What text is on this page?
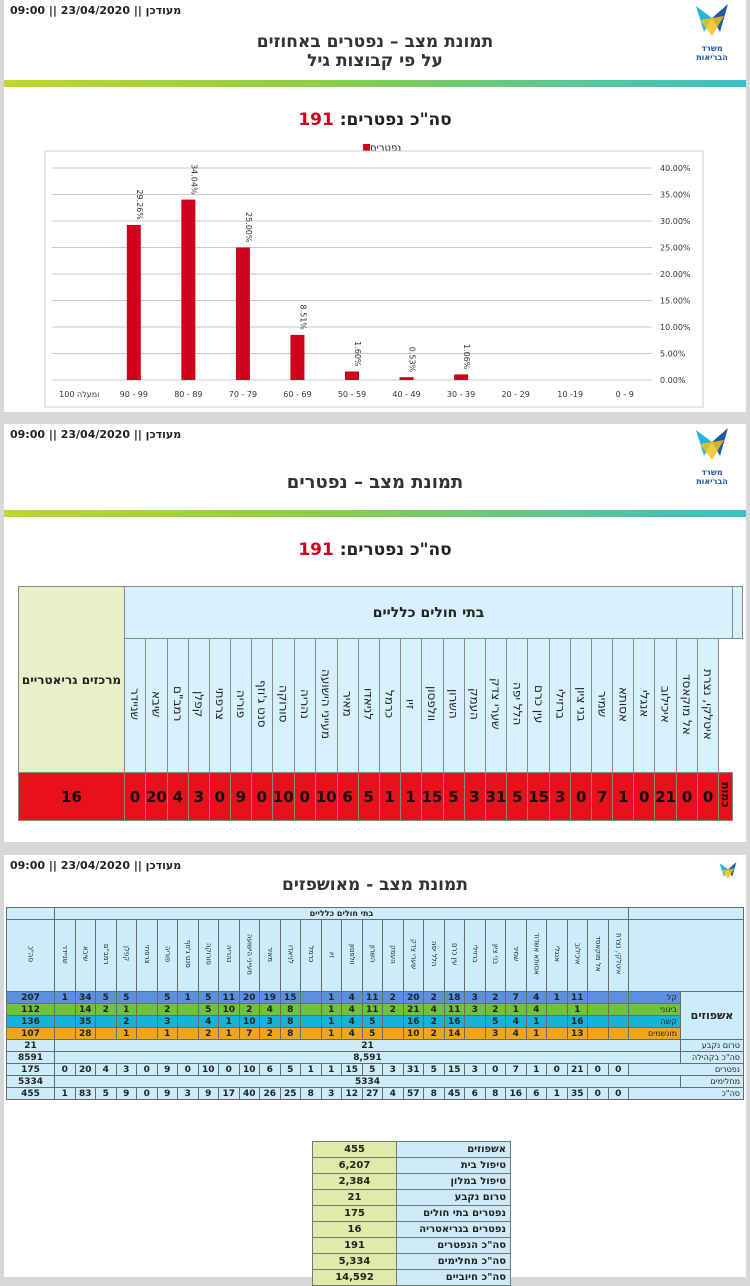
מעודכן || 23/04/2020 || 09:00
משרד
הבריאות
תמונת מצב – נפטרים באחוזים
על פי קבוצות גיל
סה"כ נפטרים: 191
נפטרים
0.00%
5.00%
10.00%
15.00%
20.00%
25.00%
30.00%
35.00%
40.00%
0 - 9
10 -19
20 - 29
30 - 39
1.06%
40 - 49
0.53%
50 - 59
1.60%
60 - 69
8.51%
70 - 79
25.00%
80 - 89
34.04%
90 - 99
29.26%
100 ומעלה
מעודכן || 23/04/2020 || 09:00
משרד
הבריאות
תמונת מצב – נפטרים
סה"כ נפטרים: 191
מרכזים גריאטריים	בתי חולים כלליים																													
	שניידר	שיבא	רמב"ם	קפלן	צרפתי	פוריה	סנט ג'וזף	סורוקה	נהריה	מעייני הישועה	מאיר	לניאדו	כרמל	זיו	וולפסון	השרון	העמק	שערי צדק	הלל יפה	עין כרם	ברזילי	בני ציון	שמיר	אסותא	אנגלי	איכילוב	אל מוקאסד	איטלקי, נצרת		
16	0	20	4	3	0	9	0	10	0	10	6	5	1	1	15	5	3	31	5	15	3	0	7	1	0	21	0	0	כמות	
מעודכן || 23/04/2020 || 09:00
תמונת מצב - מאושפזים
	בתי חולים כלליים																													
סה"כ	שניידר	שיבא	רמב"ם	קפלן	צרפתי	פוריה	סנט ג'וזף	סורוקה	נהריה	מעייני הישועה	מאיר	לניאדו	כרמל	זיו	וולפסון	השרון	העמק	שערי צדק	הלל יפה	עין כרם	ברזילי	בני ציון	שמיר	אסותא אשדוד	אנגלי	איכילוב	אל מוקאסד	איטלקי, נצרת		
207	1	34	5	5		5	1	5	11	20	19	15		1	4	11	2	20	2	18	3	2	7	4	1	11			קל	אשפוזים
112		14	2	1		2		5	10	2	4	8		1	4	11	2	21	4	11	3	2	1	4		1			בינוני	
136		35		2		3		4	1	10	3	8		1	4	5		16	2	16		5	4	1		16			קשה	
107		28		1		1		2	1	7	2	8		1	4	5		10	2	14		3	4	1		13			מונשמים	
21	21																													טרום נקבע
8591	8,591																													סה"כ בקהילה
175	0	20	4	3	0	9	0	10	0	10	6	5	1	1	15	5	3	31	5	15	3	0	7	1	0	21	0	0	נפטרים	
5334	5334																													מחלימים
455	1	83	5	9	0	9	3	9	17	40	26	25	8	3	12	27	4	57	8	45	6	8	16	6	1	35	0	0	סה"כ	
455	אשפוזים
6,207	טיפול בית
2,384	טיפול במלון
21	טרום נקבע
175	נפטרים בתי חולים
16	נפטרים בגריאטריה
191	סה"כ הנפטרים
5,334	סה"כ מחלימים
14,592	סה"כ חיוביים
